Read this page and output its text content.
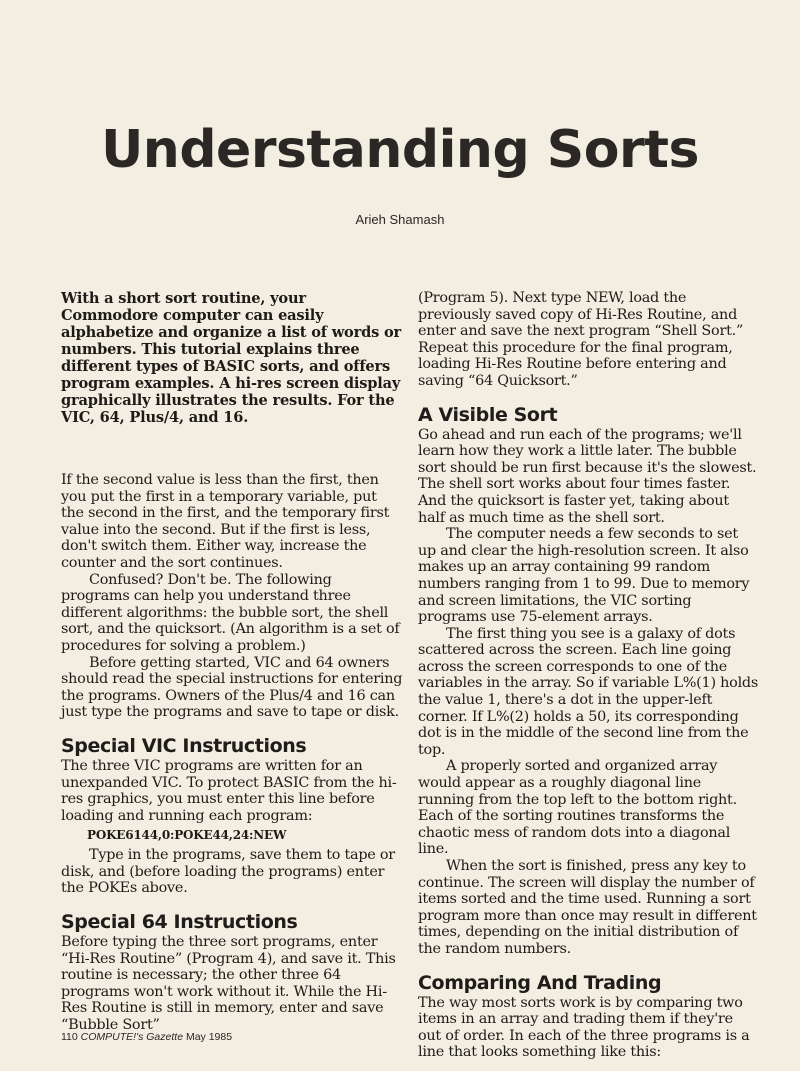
Understanding Sorts
Arieh Shamash

With a short sort routine, your Commodore computer can easily alphabetize and organize a list of words or numbers. This tutorial explains three different types of BASIC sorts, and offers program examples. A hi-res screen display graphically illustrates the results. For the VIC, 64, Plus/4, and 16.

If the second value is less than the first, then you put the first in a temporary variable, put the second in the first, and the temporary first value into the second. But if the first is less, don't switch them. Either way, increase the counter and the sort continues.

Confused? Don't be. The following programs can help you understand three different algorithms: the bubble sort, the shell sort, and the quicksort. (An algorithm is a set of procedures for solving a problem.)

Before getting started, VIC and 64 owners should read the special instructions for entering the programs. Owners of the Plus/4 and 16 can just type the programs and save to tape or disk.

Special VIC Instructions

The three VIC programs are written for an unexpanded VIC. To protect BASIC from the hi-res graphics, you must enter this line before loading and running each program:

POKE6144,0:POKE44,24:NEW

Type in the programs, save them to tape or disk, and (before loading the programs) enter the POKEs above.

Special 64 Instructions

Before typing the three sort programs, enter “Hi-Res Routine” (Program 4), and save it. This routine is necessary; the other three 64 programs won't work without it. While the Hi-Res Routine is still in memory, enter and save “Bubble Sort”

(Program 5). Next type NEW, load the previously saved copy of Hi-Res Routine, and enter and save the next program “Shell Sort.” Repeat this procedure for the final program, loading Hi-Res Routine before entering and saving “64 Quicksort.”

A Visible Sort

Go ahead and run each of the programs; we'll learn how they work a little later. The bubble sort should be run first because it's the slowest. The shell sort works about four times faster. And the quicksort is faster yet, taking about half as much time as the shell sort.

The computer needs a few seconds to set up and clear the high-resolution screen. It also makes up an array containing 99 random numbers ranging from 1 to 99. Due to memory and screen limitations, the VIC sorting programs use 75-element arrays.

The first thing you see is a galaxy of dots scattered across the screen. Each line going across the screen corresponds to one of the variables in the array. So if variable L%(1) holds the value 1, there's a dot in the upper-left corner. If L%(2) holds a 50, its corresponding dot is in the middle of the second line from the top.

A properly sorted and organized array would appear as a roughly diagonal line running from the top left to the bottom right. Each of the sorting routines transforms the chaotic mess of random dots into a diagonal line.

When the sort is finished, press any key to continue. The screen will display the number of items sorted and the time used. Running a sort program more than once may result in different times, depending on the initial distribution of the random numbers.

Comparing And Trading

The way most sorts work is by comparing two items in an array and trading them if they're out of order. In each of the three programs is a line that looks something like this:

110 COMPUTE!'s Gazette May 1985
